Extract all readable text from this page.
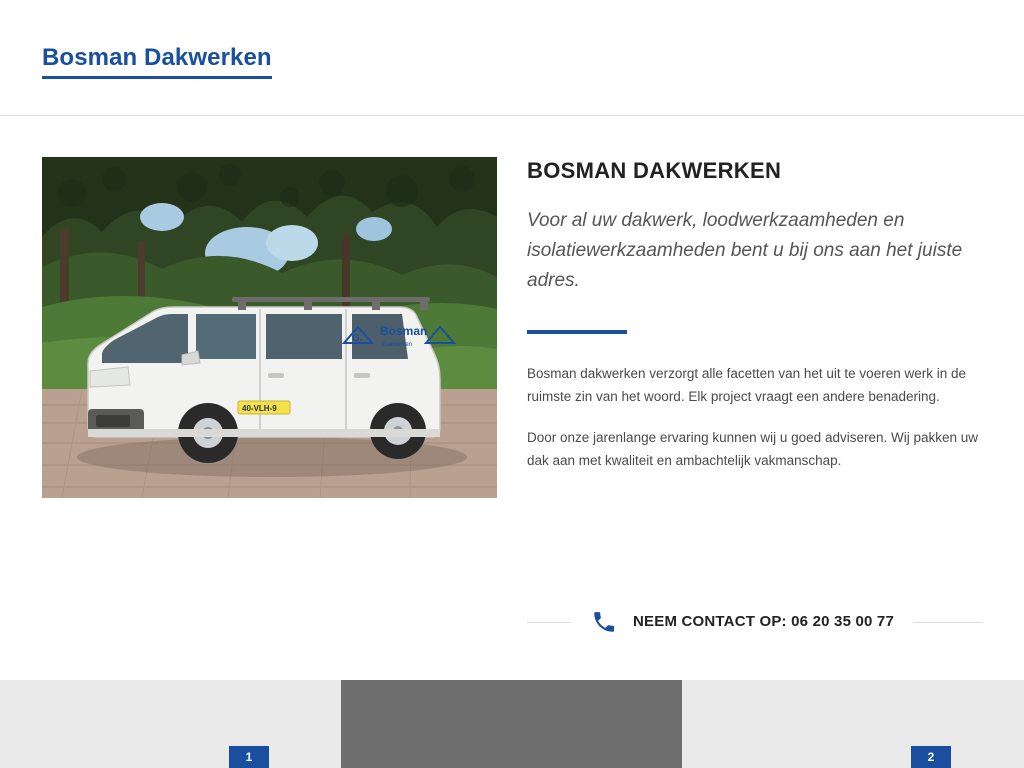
Bosman Dakwerken
G.
Bosman
Dakwerken
40-VLH-9
BOSMAN DAKWERKEN

Voor al uw dakwerk, loodwerkzaamheden en isolatiewerkzaamheden bent u bij ons aan het juiste adres.

Bosman dakwerken verzorgt alle facetten van het uit te voeren werk in de ruimste zin van het woord. Elk project vraagt een andere benadering.

Door onze jarenlange ervaring kunnen wij u goed adviseren. Wij pakken uw dak aan met kwaliteit en ambachtelijk vakmanschap.

NEEM CONTACT OP: 06 20 35 00 77
1	2
